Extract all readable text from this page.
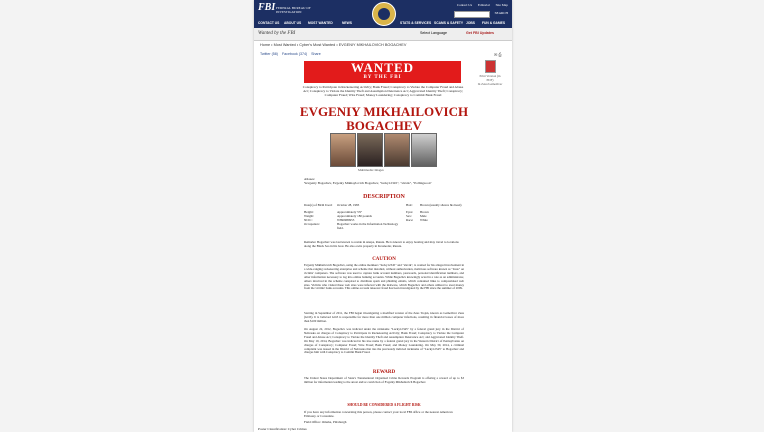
FBI FEDERAL BUREAU OF INVESTIGATION
Contact Us Editorial Site Map
SEARCH
CONTACT US ABOUT US MOST WANTED	NEWS	STATS & SERVICES SCAMS & SAFETY JOBS FUN & GAMES
Wanted by the FBI	Select Language	Get FBI Updates
Home • Most Wanted • Cyber's Most Wanted • EVGENIY MIKHAILOVICH BOGACHEV
Twitter (58) Facebook (374) Share	✉ ⎙
Print Version (in PDF)
In Zeus/GameOver
WANTED
BY THE FBI
Conspiracy to Participate in Racketeering Activity; Bank Fraud; Conspiracy to Violate the Computer Fraud and Abuse Act; Conspiracy to Violate the Identity Theft and Assumption Deterrence Act; Aggravated Identity Theft; Conspiracy; Computer Fraud; Wire Fraud; Money Laundering; Conspiracy to Commit Bank Fraud
EVGENIY MIKHAILOVICH
BOGACHEV
Multimedia: Images
Aliases:
Yevgeniy Bogachev, Evgeniy Mikhaylovich Bogachev, "lucky12345", "slavik", "Pollingsoon"
DESCRIPTION
Date(s) of Birth Used: October 28, 1983	Hair: Brown (usually shaves his head)
Height:	Approximately 5'9"	Eyes: Brown
Weight:	Approximately 180 pounds	Sex:	Male
NCIC:	W890989955	Race: White
Occupation:	Bogachev works in the Information Technology field.
Remarks: Bogachev was last known to reside in Anapa, Russia. He is known to enjoy boating and may travel to locations along the Black Sea in his boat. He also owns property in Krasnodar, Russia.
CAUTION
Evgeniy Mikhailovich Bogachev, using the online monikers "lucky12345" and "slavik", is wanted for his alleged involvement in a wide-ranging racketeering enterprise and scheme that installed, without authorization, malicious software known as "Zeus" on victims' computers. The software was used to capture bank account numbers, passwords, personal identification numbers, and other information necessary to log into online banking accounts. While Bogachev knowingly acted in a role as an administrator, others involved in the scheme conspired to distribute spam and phishing emails, which contained links to compromised web sites. Victims who visited these web sites were infected with the malware, which Bogachev and others utilized to steal money from the victims' bank accounts. This online account takeover fraud has been investigated by the FBI since the summer of 2009.
Starting in September of 2011, the FBI began investigating a modified version of the Zeus Trojan, known as GameOver Zeus (GOZ). It is believed GOZ is responsible for more than one million computer infections, resulting in financial losses of more than $100 million.
On August 22, 2012, Bogachev was indicted under the nickname "Lucky12345" by a federal grand jury in the District of Nebraska on charges of Conspiracy to Participate in Racketeering Activity; Bank Fraud; Conspiracy to Violate the Computer Fraud and Abuse Act; Conspiracy to Violate the Identity Theft and Assumption Deterrence Act; and Aggravated Identity Theft. On May 19, 2014, Bogachev was indicted in his true name by a federal grand jury in the Western District of Pennsylvania on charges of Conspiracy; Computer Fraud; Wire Fraud; Bank Fraud; and Money Laundering. On May 30, 2014, a criminal complaint was issued in the District of Nebraska that ties the previously indicted nickname of "Lucky12345" to Bogachev and charges him with Conspiracy to Commit Bank Fraud.
REWARD
The United States Department of State's Transnational Organized Crime Rewards Program is offering a reward of up to $3 million for information leading to the arrest and/or conviction of Evgeniy Mikhailovich Bogachev.
SHOULD BE CONSIDERED A FLIGHT RISK
If you have any information concerning this person, please contact your local FBI office or the nearest American Embassy or Consulate.
Field Office: Omaha, Pittsburgh
Poster Classification: Cyber Crimes
